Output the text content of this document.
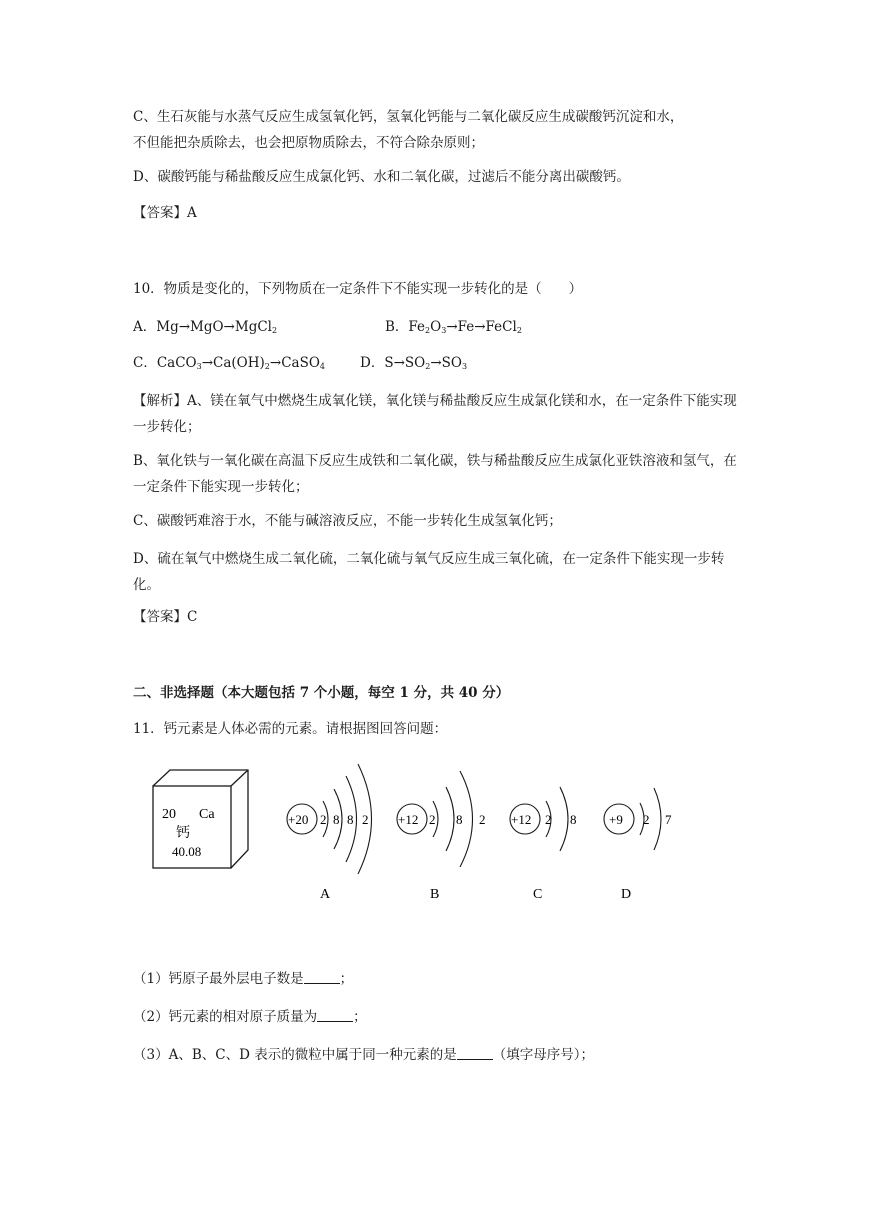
C、生石灰能与水蒸气反应生成氢氧化钙，氢氧化钙能与二氧化碳反应生成碳酸钙沉淀和水，
不但能把杂质除去，也会把原物质除去，不符合除杂原则；
D、碳酸钙能与稀盐酸反应生成氯化钙、水和二氧化碳，过滤后不能分离出碳酸钙。
【答案】A
10．物质是变化的，下列物质在一定条件下不能实现一步转化的是（　　）
A．Mg→MgO→MgCl$_2$	B．$Fe_2O_3\to Fe\to FeCl_2$
C．$CaCO_3\to Ca(OH)_2\to CaSO_4$	D．$S\to SO_2\to SO_3$
【解析】A、镁在氧气中燃烧生成氧化镁，氧化镁与稀盐酸反应生成氯化镁和水，在一定条件下能实现一步转化；
B、氧化铁与一氧化碳在高温下反应生成铁和二氧化碳，铁与稀盐酸反应生成氯化亚铁溶液和氢气，在一定条件下能实现一步转化；
C、碳酸钙难溶于水，不能与碱溶液反应，不能一步转化生成氢氧化钙；
D、硫在氧气中燃烧生成二氧化硫，二氧化硫与氧气反应生成三氧化硫，在一定条件下能实现一步转化。
【答案】C
二、非选择题（本大题包括 7 个小题，每空 1 分，共 40 分）
11．钙元素是人体必需的元素。请根据图回答问题：
20 Ca
钙
40.08
+20 2 8 8 2
A
+12 2 8 2
B
+12 2 8
C
+9 2 7
D
（1）钙原子最外层电子数是	；
（2）钙元素的相对原子质量为	；
（3）A、B、C、D 表示的微粒中属于同一种元素的是	（填字母序号）；
